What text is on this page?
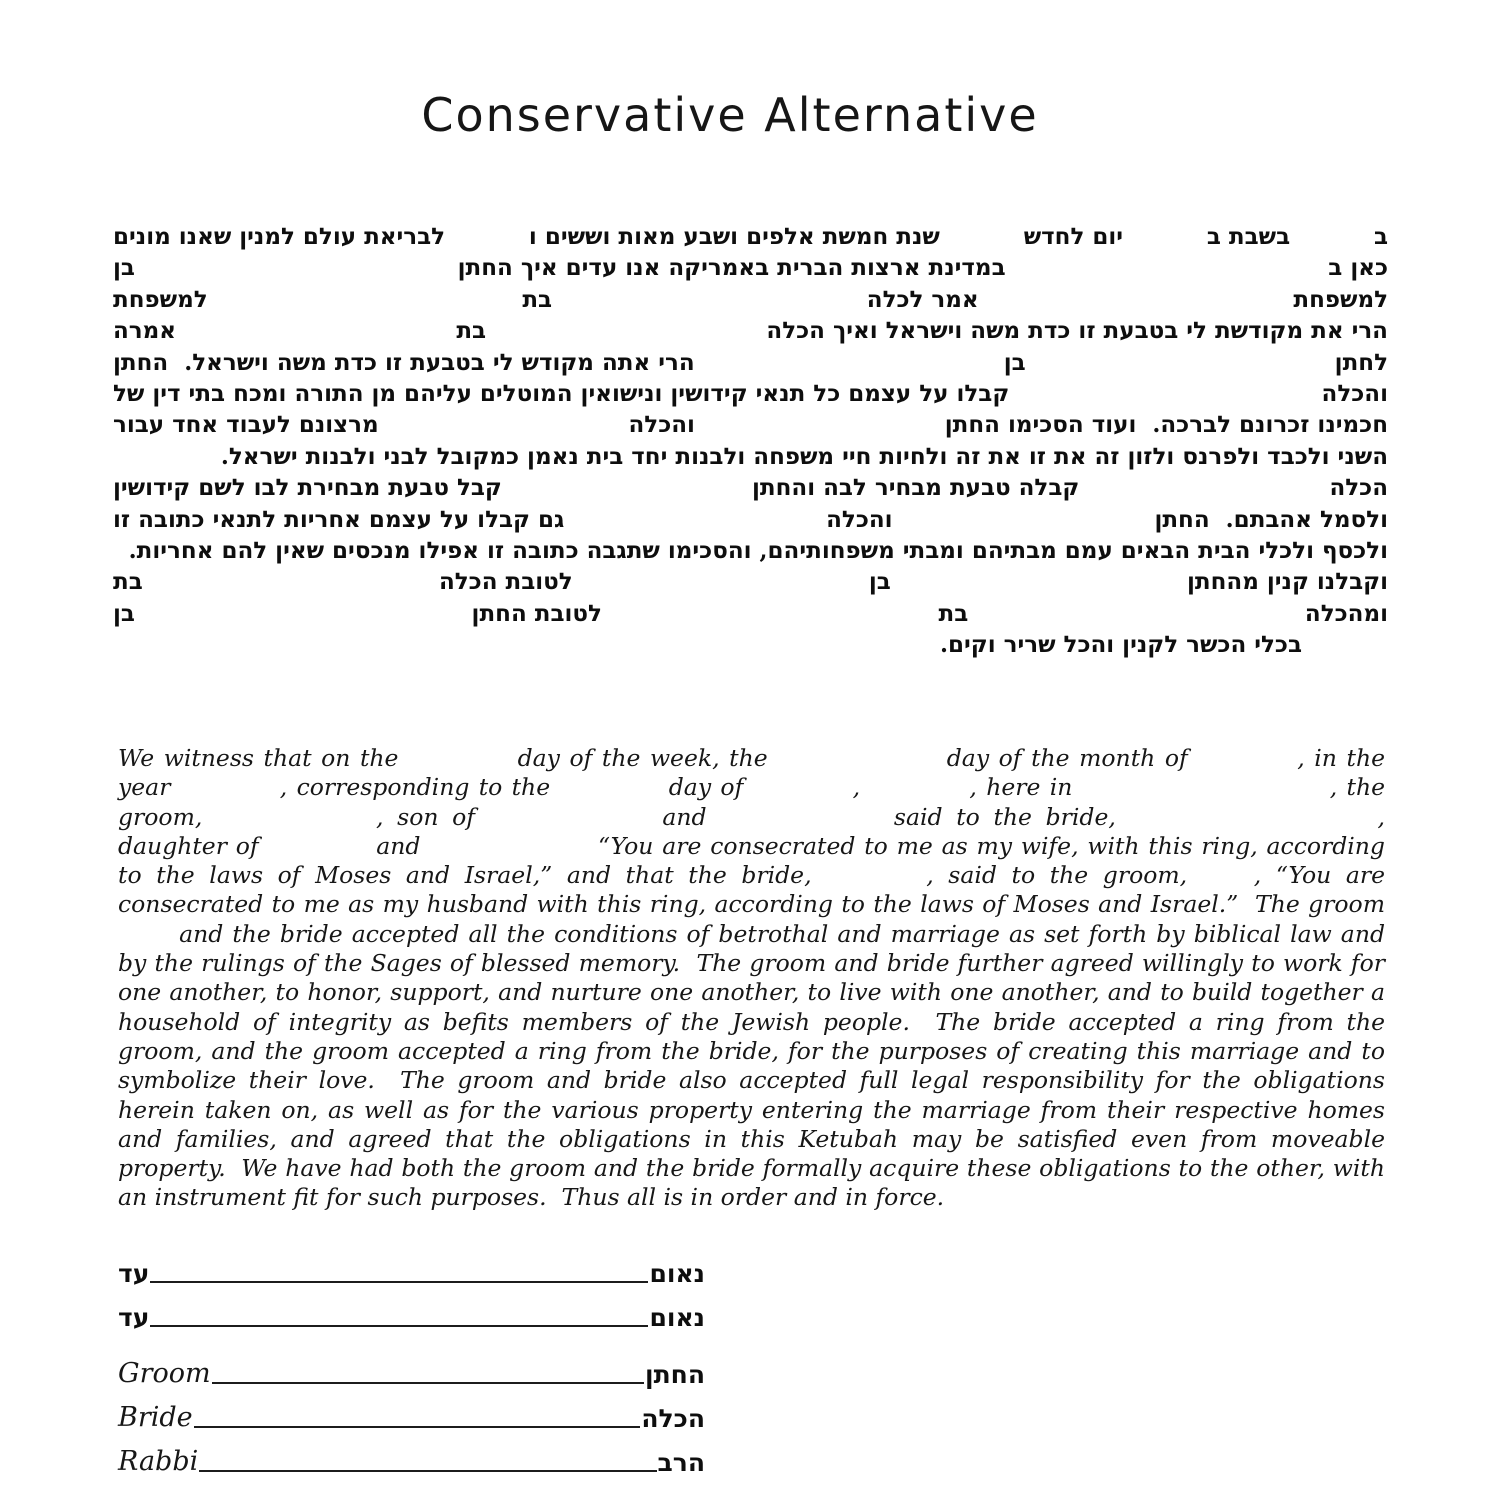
Conservative Alternative
ב
בשבת ב
יום לחדש
שנת חמשת אלפים ושבע מאות וששים ו
לבריאת עולם למנין שאנו מונים
כאן ב
במדינת ארצות הברית באמריקה אנו עדים איך החתן
בן
למשפחת
אמר לכלה
בת
למשפחת
הרי את מקודשת לי בטבעת זו כדת משה וישראל ואיך הכלה
בת
אמרה
לחתן
בן
הרי אתה מקודש לי בטבעת זו כדת משה וישראל.  החתן
והכלה
קבלו על עצמם כל תנאי קידושין ונישואין המוטלים עליהם מן התורה ומכח בתי דין של
חכמינו זכרונם לברכה.  ועוד הסכימו החתן
והכלה
מרצונם לעבוד אחד עבור
השני ולכבד ולפרנס ולזון זה את זו את זה ולחיות חיי משפחה ולבנות יחד בית נאמן כמקובל לבני ולבנות ישראל.
הכלה
קבלה טבעת מבחיר לבה והחתן
קבל טבעת מבחירת לבו לשם קידושין
ולסמל אהבתם.  החתן
והכלה
גם קבלו על עצמם אחריות לתנאי כתובה זו
ולכסף ולכלי הבית הבאים עמם מבתיהם ומבתי משפחותיהם, והסכימו שתגבה כתובה זו אפילו מנכסים שאין להם אחריות.
וקבלנו קנין מהחתן
בן
לטובת הכלה
בת
ומהכלה
בת
לטובת החתן
בן
בכלי הכשר לקנין והכל שריר וקים.
We witness that on the	day of the week, the	day of the month of	, in the year	, corresponding to the	day of	,	, here in	, the groom,	, son of	and	said to the bride,	, daughter of	and	“You are consecrated to me as my wife, with this ring, according to the laws of Moses and Israel,” and that the bride,	, said to the groom, , “You are consecrated to me as my husband with this ring, according to the laws of Moses and Israel.”  The groom  and the bride accepted all the conditions of betrothal and marriage as set forth by biblical law and by the rulings of the Sages of blessed memory.  The groom and bride further agreed willingly to work for one another, to honor, support, and nurture one another, to live with one another, and to build together a household of integrity as befits members of the Jewish people.  The bride accepted a ring from the groom, and the groom accepted a ring from the bride, for the purposes of creating this marriage and to symbolize their love.  The groom and bride also accepted full legal responsibility for the obligations herein taken on, as well as for the various property entering the marriage from their respective homes and families, and agreed that the obligations in this Ketubah may be satisfied even from moveable property.  We have had both the groom and the bride formally acquire these obligations to the other, with an instrument fit for such purposes.  Thus all is in order and in force.
עד	נאום
עד	נאום
Groom	החתן
Bride	הכלה
Rabbi	הרב
